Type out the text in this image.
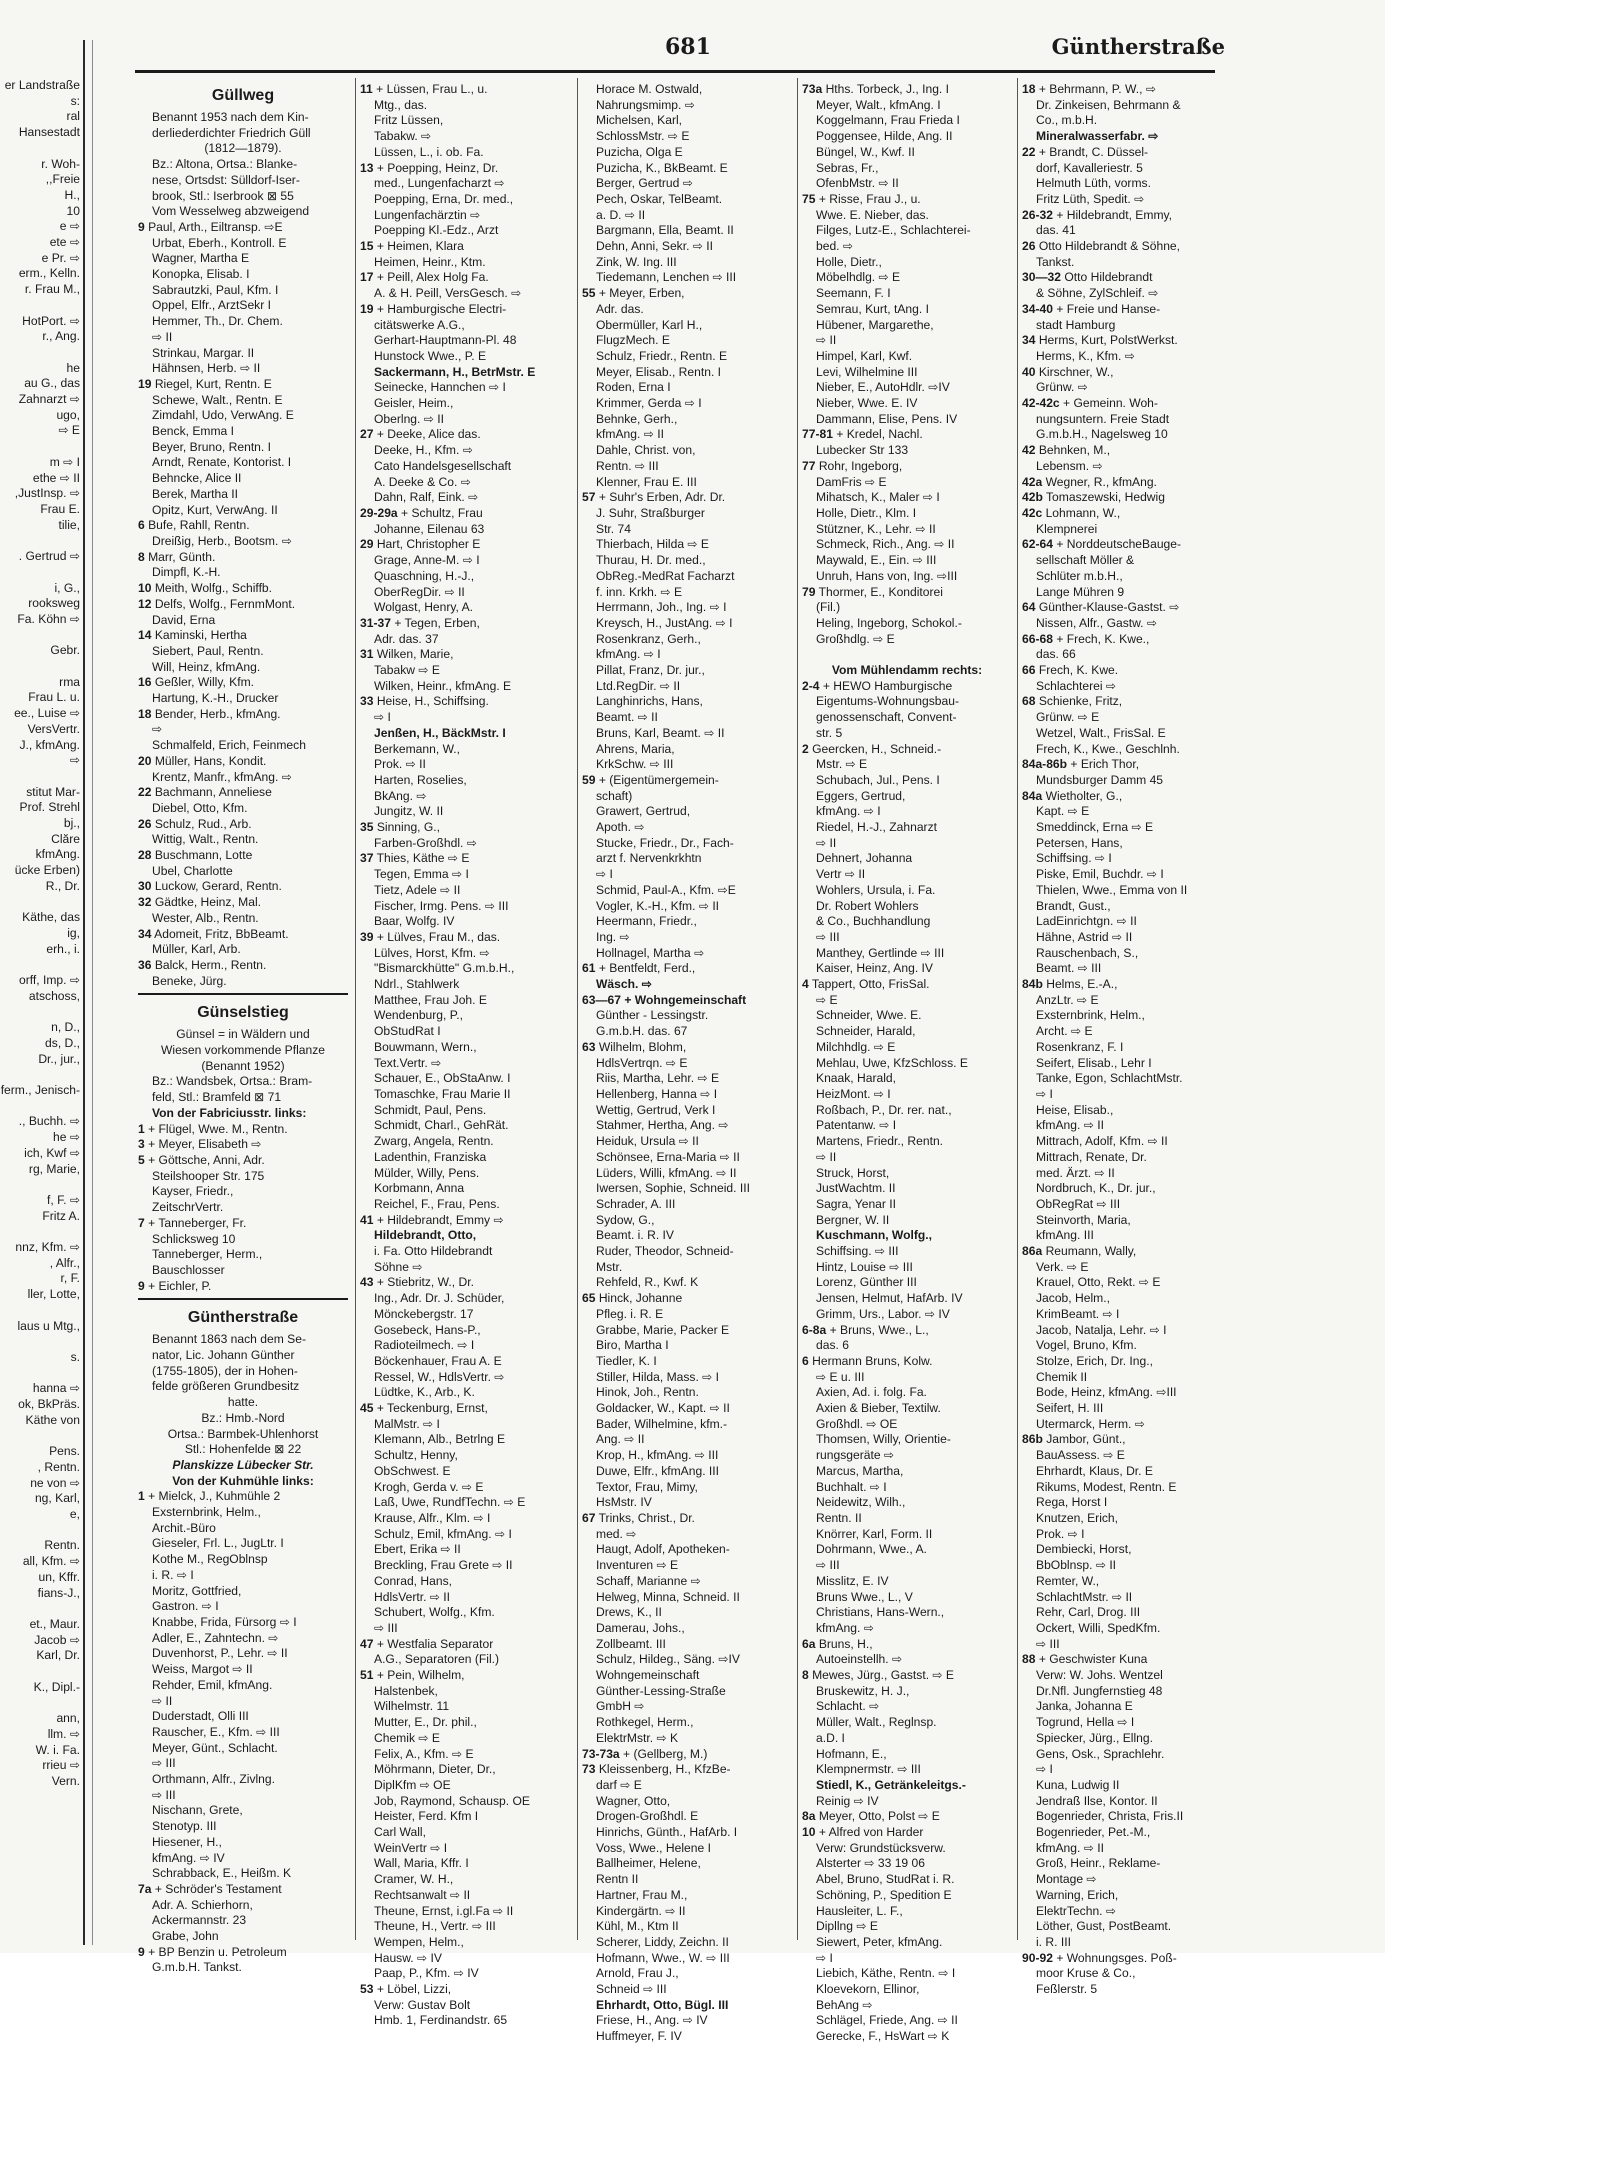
er Landstraße
s:
ral
Hansestadt

r. Woh-
,,Freie
H.,
10
e ⇨
ete ⇨
e Pr. ⇨
erm., Kelln.
r. Frau M.,

HotPort. ⇨
r., Ang.

he
au G., das
Zahnarzt ⇨
ugo,
⇨ E

m ⇨ I
ethe ⇨ II
,JustInsp. ⇨
Frau E.
tilie,

. Gertrud ⇨

i, G.,
rooksweg
Fa. Köhn ⇨

Gebr.

rma
Frau L. u.
ee., Luise ⇨
VersVertr.
J., kfmAng.
⇨

stitut Mar-
Prof. Strehl
bj.,
Clăre
kfmAng.
ücke Erben)
R., Dr.

Käthe, das
ig,
erh., i.

orff, Imp. ⇨
atschoss,

n, D.,
ds, D.,
Dr., jur.,

ferm., Jenisch-

., Buchh. ⇨
he ⇨
ich, Kwf ⇨
rg, Marie,

f, F. ⇨
Fritz A.

nnz, Kfm. ⇨
, Alfr.,
r, F.
ller, Lotte,

laus u Mtg.,

s.

hanna ⇨
ok, BkPräs.
Käthe von

Pens.
, Rentn.
ne von ⇨
ng, Karl,
e,

Rentn.
all, Kfm. ⇨
un, Kffr.
fians-J.,

et., Maur.
Jacob ⇨
Karl, Dr.

K., Dipl.-

ann,
llm. ⇨
W. i. Fa.
rrieu ⇨
Vern.
681	Güntherstraße
Güllweg
Benannt 1953 nach dem Kin-
derliederdichter Friedrich Güll
(1812—1879).
Bz.: Altona, Ortsa.: Blanke-
nese, Ortsdst: Sülldorf-Iser-
brook, Stl.: Iserbrook ⊠ 55
Vom Wesselweg abzweigend
9 Paul, Arth., Eiltransp. ⇨E
Urbat, Eberh., Kontroll. E
Wagner, Martha E
Konopka, Elisab. I
Sabrautzki, Paul, Kfm. I
Oppel, Elfr., ArztSekr I
Hemmer, Th., Dr. Chem.
⇨ II
Strinkau, Margar. II
Hähnsen, Herb. ⇨ II
19 Riegel, Kurt, Rentn. E
Schewe, Walt., Rentn. E
Zimdahl, Udo, VerwAng. E
Benck, Emma I
Beyer, Bruno, Rentn. I
Arndt, Renate, Kontorist. I
Behncke, Alice II
Berek, Martha II
Opitz, Kurt, VerwAng. II
6 Bufe, Rahll, Rentn.
Dreißig, Herb., Bootsm. ⇨
8 Marr, Günth.
Dimpfl, K.-H.
10 Meith, Wolfg., Schiffb.
12 Delfs, Wolfg., FernmMont.
David, Erna
14 Kaminski, Hertha
Siebert, Paul, Rentn.
Will, Heinz, kfmAng.
16 Geßler, Willy, Kfm.
Hartung, K.-H., Drucker
18 Bender, Herb., kfmAng.
⇨
Schmalfeld, Erich, Feinmech
20 Müller, Hans, Kondit.
Krentz, Manfr., kfmAng. ⇨
22 Bachmann, Anneliese
Diebel, Otto, Kfm.
26 Schulz, Rud., Arb.
Wittig, Walt., Rentn.
28 Buschmann, Lotte
Ubel, Charlotte
30 Luckow, Gerard, Rentn.
32 Gädtke, Heinz, Mal.
Wester, Alb., Rentn.
34 Adomeit, Fritz, BbBeamt.
Müller, Karl, Arb.
36 Balck, Herm., Rentn.
Beneke, Jürg.
Günselstieg
Günsel = in Wäldern und
Wiesen vorkommende Pflanze
(Benannt 1952)
Bz.: Wandsbek, Ortsa.: Bram-
feld, Stl.: Bramfeld ⊠ 71
Von der Fabriciusstr. links:
1 + Flügel, Wwe. M., Rentn.
3 + Meyer, Elisabeth ⇨
5 + Göttsche, Anni, Adr.
Steilshooper Str. 175
Kayser, Friedr.,
ZeitschrVertr.
7 + Tanneberger, Fr.
Schlicksweg 10
Tanneberger, Herm.,
Bauschlosser
9 + Eichler, P.
Güntherstraße
Benannt 1863 nach dem Se-
nator, Lic. Johann Günther
(1755-1805), der in Hohen-
felde größeren Grundbesitz
hatte.
Bz.: Hmb.-Nord
Ortsa.: Barmbek-Uhlenhorst
Stl.: Hohenfelde ⊠ 22
Planskizze Lübecker Str.
Von der Kuhmühle links:
1 + Mielck, J., Kuhmühle 2
Exsternbrink, Helm.,
Archit.-Büro
Gieseler, Frl. L., JugLtr. I
Kothe M., RegOblnsp
i. R. ⇨ I
Moritz, Gottfried,
Gastron. ⇨ I
Knabbe, Frida, Fürsorg ⇨ I
Adler, E., Zahntechn. ⇨
Duvenhorst, P., Lehr. ⇨ II
Weiss, Margot ⇨ II
Rehder, Emil, kfmAng.
⇨ II
Duderstadt, Olli III
Rauscher, E., Kfm. ⇨ III
Meyer, Günt., Schlacht.
⇨ III
Orthmann, Alfr., Zivlng.
⇨ III
Nischann, Grete,
Stenotyp. III
Hiesener, H.,
kfmAng. ⇨ IV
Schrabback, E., Heißm. K
7a + Schröder's Testament
Adr. A. Schierhorn,
Ackermannstr. 23
Grabe, John
9 + BP Benzin u. Petroleum
G.m.b.H. Tankst.
11 + Lüssen, Frau L., u.
Mtg., das.
Fritz Lüssen,
Tabakw. ⇨
Lüssen, L., i. ob. Fa.
13 + Poepping, Heinz, Dr.
med., Lungenfacharzt ⇨
Poepping, Erna, Dr. med.,
Lungenfachärztin ⇨
Poepping Kl.-Edz., Arzt
15 + Heimen, Klara
Heimen, Heinr., Ktm.
17 + Peill, Alex Holg Fa.
A. & H. Peill, VersGesch. ⇨
19 + Hamburgische Electri-
citätswerke A.G.,
Gerhart-Hauptmann-Pl. 48
Hunstock Wwe., P. E
Sackermann, H., BetrMstr. E
Seinecke, Hannchen ⇨ I
Geisler, Heim.,
Oberlng. ⇨ II
27 + Deeke, Alice das.
Deeke, H., Kfm. ⇨
Cato Handelsgesellschaft
A. Deeke & Co. ⇨
Dahn, Ralf, Eink. ⇨
29-29a + Schultz, Frau
Johanne, Eilenau 63
29 Hart, Christopher E
Grage, Anne-M. ⇨ I
Quaschning, H.-J.,
OberRegDir. ⇨ II
Wolgast, Henry, A.
31-37 + Tegen, Erben,
Adr. das. 37
31 Wilken, Marie,
Tabakw ⇨ E
Wilken, Heinr., kfmAng. E
33 Heise, H., Schiffsing.
⇨ I
Jenßen, H., BäckMstr. I
Berkemann, W.,
Prok. ⇨ II
Harten, Roselies,
BkAng. ⇨
Jungitz, W. II
35 Sinning, G.,
Farben-Großhdl. ⇨
37 Thies, Käthe ⇨ E
Tegen, Emma ⇨ I
Tietz, Adele ⇨ II
Fischer, Irmg. Pens. ⇨ III
Baar, Wolfg. IV
39 + Lülves, Frau M., das.
Lülves, Horst, Kfm. ⇨
"Bismarckhütte" G.m.b.H.,
Ndrl., Stahlwerk
Matthee, Frau Joh. E
Wendenburg, P.,
ObStudRat I
Bouwmann, Wern.,
Text.Vertr. ⇨
Schauer, E., ObStaAnw. I
Tomaschke, Frau Marie II
Schmidt, Paul, Pens.
Schmidt, Charl., GehRät.
Zwarg, Angela, Rentn.
Ladenthin, Franziska
Mülder, Willy, Pens.
Korbmann, Anna
Reichel, F., Frau, Pens.
41 + Hildebrandt, Emmy ⇨
Hildebrandt, Otto,
i. Fa. Otto Hildebrandt
Söhne ⇨
43 + Stiebritz, W., Dr.
Ing., Adr. Dr. J. Schüder,
Mönckebergstr. 17
Gosebeck, Hans-P.,
Radioteilmech. ⇨ I
Böckenhauer, Frau A. E
Ressel, W., HdlsVertr. ⇨
Lüdtke, K., Arb., K.
45 + Teckenburg, Ernst,
MalMstr. ⇨ I
Klemann, Alb., Betrlng E
Schultz, Henny,
ObSchwest. E
Krogh, Gerda v. ⇨ E
Laß, Uwe, RundfTechn. ⇨ E
Krause, Alfr., Klm. ⇨ I
Schulz, Emil, kfmAng. ⇨ I
Ebert, Erika ⇨ II
Breckling, Frau Grete ⇨ II
Conrad, Hans,
HdlsVertr. ⇨ II
Schubert, Wolfg., Kfm.
⇨ III
47 + Westfalia Separator
A.G., Separatoren (Fil.)
51 + Pein, Wilhelm,
Halstenbek,
Wilhelmstr. 11
Mutter, E., Dr. phil.,
Chemik ⇨ E
Felix, A., Kfm. ⇨ E
Möhrmann, Dieter, Dr.,
DiplKfm ⇨ OE
Job, Raymond, Schausp. OE
Heister, Ferd. Kfm I
Carl Wall,
WeinVertr ⇨ I
Wall, Maria, Kffr. I
Cramer, W. H.,
Rechtsanwalt ⇨ II
Theune, Ernst, i.gl.Fa ⇨ II
Theune, H., Vertr. ⇨ III
Wempen, Helm.,
Hausw. ⇨ IV
Paap, P., Kfm. ⇨ IV
53 + Löbel, Lizzi,
Verw: Gustav Bolt
Hmb. 1, Ferdinandstr. 65
Horace M. Ostwald,
Nahrungsmimp. ⇨
Michelsen, Karl,
SchlossMstr. ⇨ E
Puzicha, Olga E
Puzicha, K., BkBeamt. E
Berger, Gertrud ⇨
Pech, Oskar, TelBeamt.
a. D. ⇨ II
Bargmann, Ella, Beamt. II
Dehn, Anni, Sekr. ⇨ II
Zink, W. Ing. III
Tiedemann, Lenchen ⇨ III
55 + Meyer, Erben,
Adr. das.
Obermüller, Karl H.,
FlugzMech. E
Schulz, Friedr., Rentn. E
Meyer, Elisab., Rentn. I
Roden, Erna I
Krimmer, Gerda ⇨ I
Behnke, Gerh.,
kfmAng. ⇨ II
Dahle, Christ. von,
Rentn. ⇨ III
Klenner, Frau E. III
57 + Suhr's Erben, Adr. Dr.
J. Suhr, Straßburger
Str. 74
Thierbach, Hilda ⇨ E
Thurau, H. Dr. med.,
ObReg.-MedRat Facharzt
f. inn. Krkh. ⇨ E
Herrmann, Joh., Ing. ⇨ I
Kreysch, H., JustAng. ⇨ I
Rosenkranz, Gerh.,
kfmAng. ⇨ I
Pillat, Franz, Dr. jur.,
Ltd.RegDir. ⇨ II
Langhinrichs, Hans,
Beamt. ⇨ II
Bruns, Karl, Beamt. ⇨ II
Ahrens, Maria,
KrkSchw. ⇨ III
59 + (Eigentümergemein-
schaft)
Grawert, Gertrud,
Apoth. ⇨
Stucke, Friedr., Dr., Fach-
arzt f. Nervenkrkhtn
⇨ I
Schmid, Paul-A., Kfm. ⇨E
Vogler, K.-H., Kfm. ⇨ II
Heermann, Friedr.,
Ing. ⇨
Hollnagel, Martha ⇨
61 + Bentfeldt, Ferd.,
Wäsch. ⇨
63—67 + Wohngemeinschaft
Günther - Lessingstr.
G.m.b.H. das. 67
63 Wilhelm, Blohm,
HdlsVertrqn. ⇨ E
Riis, Martha, Lehr. ⇨ E
Hellenberg, Hanna ⇨ I
Wettig, Gertrud, Verk I
Stahmer, Hertha, Ang. ⇨
Heiduk, Ursula ⇨ II
Schönsee, Erna-Maria ⇨ II
Lüders, Willi, kfmAng. ⇨ II
Iwersen, Sophie, Schneid. III
Schrader, A. III
Sydow, G.,
Beamt. i. R. IV
Ruder, Theodor, Schneid-
Mstr.
Rehfeld, R., Kwf. K
65 Hinck, Johanne
Pfleg. i. R. E
Grabbe, Marie, Packer E
Biro, Martha I
Tiedler, K. I
Stiller, Hilda, Mass. ⇨ I
Hinok, Joh., Rentn.
Goldacker, W., Kapt. ⇨ II
Bader, Wilhelmine, kfm.-
Ang. ⇨ II
Krop, H., kfmAng. ⇨ III
Duwe, Elfr., kfmAng. III
Textor, Frau, Mimy,
HsMstr. IV
67 Trinks, Christ., Dr.
med. ⇨
Haugt, Adolf, Apotheken-
Inventuren ⇨ E
Schaff, Marianne ⇨
Helweg, Minna, Schneid. II
Drews, K., II
Damerau, Johs.,
Zollbeamt. III
Schulz, Hildeg., Säng. ⇨IV
Wohngemeinschaft
Günther-Lessing-Straße
GmbH ⇨
Rothkegel, Herm.,
ElektrMstr. ⇨ K
73-73a + (Gellberg, M.)
73 Kleissenberg, H., KfzBe-
darf ⇨ E
Wagner, Otto,
Drogen-Großhdl. E
Hinrichs, Günth., HafArb. I
Voss, Wwe., Helene I
Ballheimer, Helene,
Rentn II
Hartner, Frau M.,
Kindergärtn. ⇨ II
Kühl, M., Ktm II
Scherer, Liddy, Zeichn. II
Hofmann, Wwe., W. ⇨ III
Arnold, Frau J.,
Schneid ⇨ III
Ehrhardt, Otto, Bügl. III
Friese, H., Ang. ⇨ IV
Huffmeyer, F. IV
73a Hths. Torbeck, J., Ing. I
Meyer, Walt., kfmAng. I
Koggelmann, Frau Frieda I
Poggensee, Hilde, Ang. II
Büngel, W., Kwf. II
Sebras, Fr.,
OfenbMstr. ⇨ II
75 + Risse, Frau J., u.
Wwe. E. Nieber, das.
Filges, Lutz-E., Schlachterei-
bed. ⇨
Holle, Dietr.,
Möbelhdlg. ⇨ E
Seemann, F. I
Semrau, Kurt, tAng. I
Hübener, Margarethe,
⇨ II
Himpel, Karl, Kwf.
Levi, Wilhelmine III
Nieber, E., AutoHdlr. ⇨IV
Nieber, Wwe. E. IV
Dammann, Elise, Pens. IV
77-81 + Kredel, Nachl.
Lubecker Str 133
77 Rohr, Ingeborg,
DamFris ⇨ E
Mihatsch, K., Maler ⇨ I
Holle, Dietr., Klm. I
Stützner, K., Lehr. ⇨ II
Schmeck, Rich., Ang. ⇨ II
Maywald, E., Ein. ⇨ III
Unruh, Hans von, Ing. ⇨III
79 Thormer, E., Konditorei
(Fil.)
Heling, Ingeborg, Schokol.-
Großhdlg. ⇨ E

Vom Mühlendamm rechts:
2-4 + HEWO Hamburgische
Eigentums-Wohnungsbau-
genossenschaft, Convent-
str. 5
2 Geercken, H., Schneid.-
Mstr. ⇨ E
Schubach, Jul., Pens. I
Eggers, Gertrud,
kfmAng. ⇨ I
Riedel, H.-J., Zahnarzt
⇨ II
Dehnert, Johanna
Vertr ⇨ II
Wohlers, Ursula, i. Fa.
Dr. Robert Wohlers
& Co., Buchhandlung
⇨ III
Manthey, Gertlinde ⇨ III
Kaiser, Heinz, Ang. IV
4 Tappert, Otto, FrisSal.
⇨ E
Schneider, Wwe. E.
Schneider, Harald,
Milchhdlg. ⇨ E
Mehlau, Uwe, KfzSchloss. E
Knaak, Harald,
HeizMont. ⇨ I
Roßbach, P., Dr. rer. nat.,
Patentanw. ⇨ I
Martens, Friedr., Rentn.
⇨ II
Struck, Horst,
JustWachtm. II
Sagra, Yenar II
Bergner, W. II
Kuschmann, Wolfg.,
Schiffsing. ⇨ III
Hintz, Louise ⇨ III
Lorenz, Günther III
Jensen, Helmut, HafArb. IV
Grimm, Urs., Labor. ⇨ IV
6-8a + Bruns, Wwe., L.,
das. 6
6 Hermann Bruns, Kolw.
⇨ E u. III
Axien, Ad. i. folg. Fa.
Axien & Bieber, Textilw.
Großhdl. ⇨ OE
Thomsen, Willy, Orientie-
rungsgeräte ⇨
Marcus, Martha,
Buchhalt. ⇨ I
Neidewitz, Wilh.,
Rentn. II
Knörrer, Karl, Form. II
Dohrmann, Wwe., A.
⇨ III
Misslitz, E. IV
Bruns Wwe., L., V
Christians, Hans-Wern.,
kfmAng. ⇨
6a Bruns, H.,
Autoeinstellh. ⇨
8 Mewes, Jürg., Gastst. ⇨ E
Bruskewitz, H. J.,
Schlacht. ⇨
Müller, Walt., Reglnsp.
a.D. I
Hofmann, E.,
Klempnermstr. ⇨ III
Stiedl, K., Getränkeleitgs.-
Reinig ⇨ IV
8a Meyer, Otto, Polst ⇨ E
10 + Alfred von Harder
Verw: Grundstücksverw.
Alsterter ⇨ 33 19 06
Abel, Bruno, StudRat i. R.
Schöning, P., Spedition E
Hausleiter, L. F.,
Dipllng ⇨ E
Siewert, Peter, kfmAng.
⇨ I
Liebich, Käthe, Rentn. ⇨ I
Kloevekorn, Ellinor,
BehAng ⇨
Schlägel, Friede, Ang. ⇨ II
Gerecke, F., HsWart ⇨ K
18 + Behrmann, P. W., ⇨
Dr. Zinkeisen, Behrmann &
Co., m.b.H.
Mineralwasserfabr. ⇨
22 + Brandt, C. Düssel-
dorf, Kavalleriestr. 5
Helmuth Lüth, vorms.
Fritz Lüth, Spedit. ⇨
26-32 + Hildebrandt, Emmy,
das. 41
26 Otto Hildebrandt & Söhne,
Tankst.
30—32 Otto Hildebrandt
& Söhne, ZylSchleif. ⇨
34-40 + Freie und Hanse-
stadt Hamburg
34 Herms, Kurt, PolstWerkst.
Herms, K., Kfm. ⇨
40 Kirschner, W.,
Grünw. ⇨
42-42c + Gemeinn. Woh-
nungsuntern. Freie Stadt
G.m.b.H., Nagelsweg 10
42 Behnken, M.,
Lebensm. ⇨
42a Wegner, R., kfmAng.
42b Tomaszewski, Hedwig
42c Lohmann, W.,
Klempnerei
62-64 + NorddeutscheBauge-
sellschaft Möller &
Schlüter m.b.H.,
Lange Mühren 9
64 Günther-Klause-Gastst. ⇨
Nissen, Alfr., Gastw. ⇨
66-68 + Frech, K. Kwe.,
das. 66
66 Frech, K. Kwe.
Schlachterei ⇨
68 Schienke, Fritz,
Grünw. ⇨ E
Wetzel, Walt., FrisSal. E
Frech, K., Kwe., Geschlnh.
84a-86b + Erich Thor,
Mundsburger Damm 45
84a Wietholter, G.,
Kapt. ⇨ E
Smeddinck, Erna ⇨ E
Petersen, Hans,
Schiffsing. ⇨ I
Piske, Emil, Buchdr. ⇨ I
Thielen, Wwe., Emma von II
Brandt, Gust.,
LadEinrichtgn. ⇨ II
Hähne, Astrid ⇨ II
Rauschenbach, S.,
Beamt. ⇨ III
84b Helms, E.-A.,
AnzLtr. ⇨ E
Exsternbrink, Helm.,
Archt. ⇨ E
Rosenkranz, F. I
Seifert, Elisab., Lehr I
Tanke, Egon, SchlachtMstr.
⇨ I
Heise, Elisab.,
kfmAng. ⇨ II
Mittrach, Adolf, Kfm. ⇨ II
Mittrach, Renate, Dr.
med. Ärzt. ⇨ II
Nordbruch, K., Dr. jur.,
ObRegRat ⇨ III
Steinvorth, Maria,
kfmAng. III
86a Reumann, Wally,
Verk. ⇨ E
Krauel, Otto, Rekt. ⇨ E
Jacob, Helm.,
KrimBeamt. ⇨ I
Jacob, Natalja, Lehr. ⇨ I
Vogel, Bruno, Kfm.
Stolze, Erich, Dr. Ing.,
Chemik II
Bode, Heinz, kfmAng. ⇨III
Seifert, H. III
Utermarck, Herm. ⇨
86b Jambor, Günt.,
BauAssess. ⇨ E
Ehrhardt, Klaus, Dr. E
Rikums, Modest, Rentn. E
Rega, Horst I
Knutzen, Erich,
Prok. ⇨ I
Dembiecki, Horst,
BbOblnsp. ⇨ II
Remter, W.,
SchlachtMstr. ⇨ II
Rehr, Carl, Drog. III
Ockert, Willi, SpedKfm.
⇨ III
88 + Geschwister Kuna
Verw: W. Johs. Wentzel
Dr.Nfl. Jungfernstieg 48
Janka, Johanna E
Togrund, Hella ⇨ I
Spiecker, Jürg., Ellng.
Gens, Osk., Sprachlehr.
⇨ I
Kuna, Ludwig II
Jendraß Ilse, Kontor. II
Bogenrieder, Christa, Fris.II
Bogenrieder, Pet.-M.,
kfmAng. ⇨ II
Groß, Heinr., Reklame-
Montage ⇨
Warning, Erich,
ElektrTechn. ⇨
Löther, Gust, PostBeamt.
i. R. III
90-92 + Wohnungsges. Poß-
moor Kruse & Co.,
Feßlerstr. 5
